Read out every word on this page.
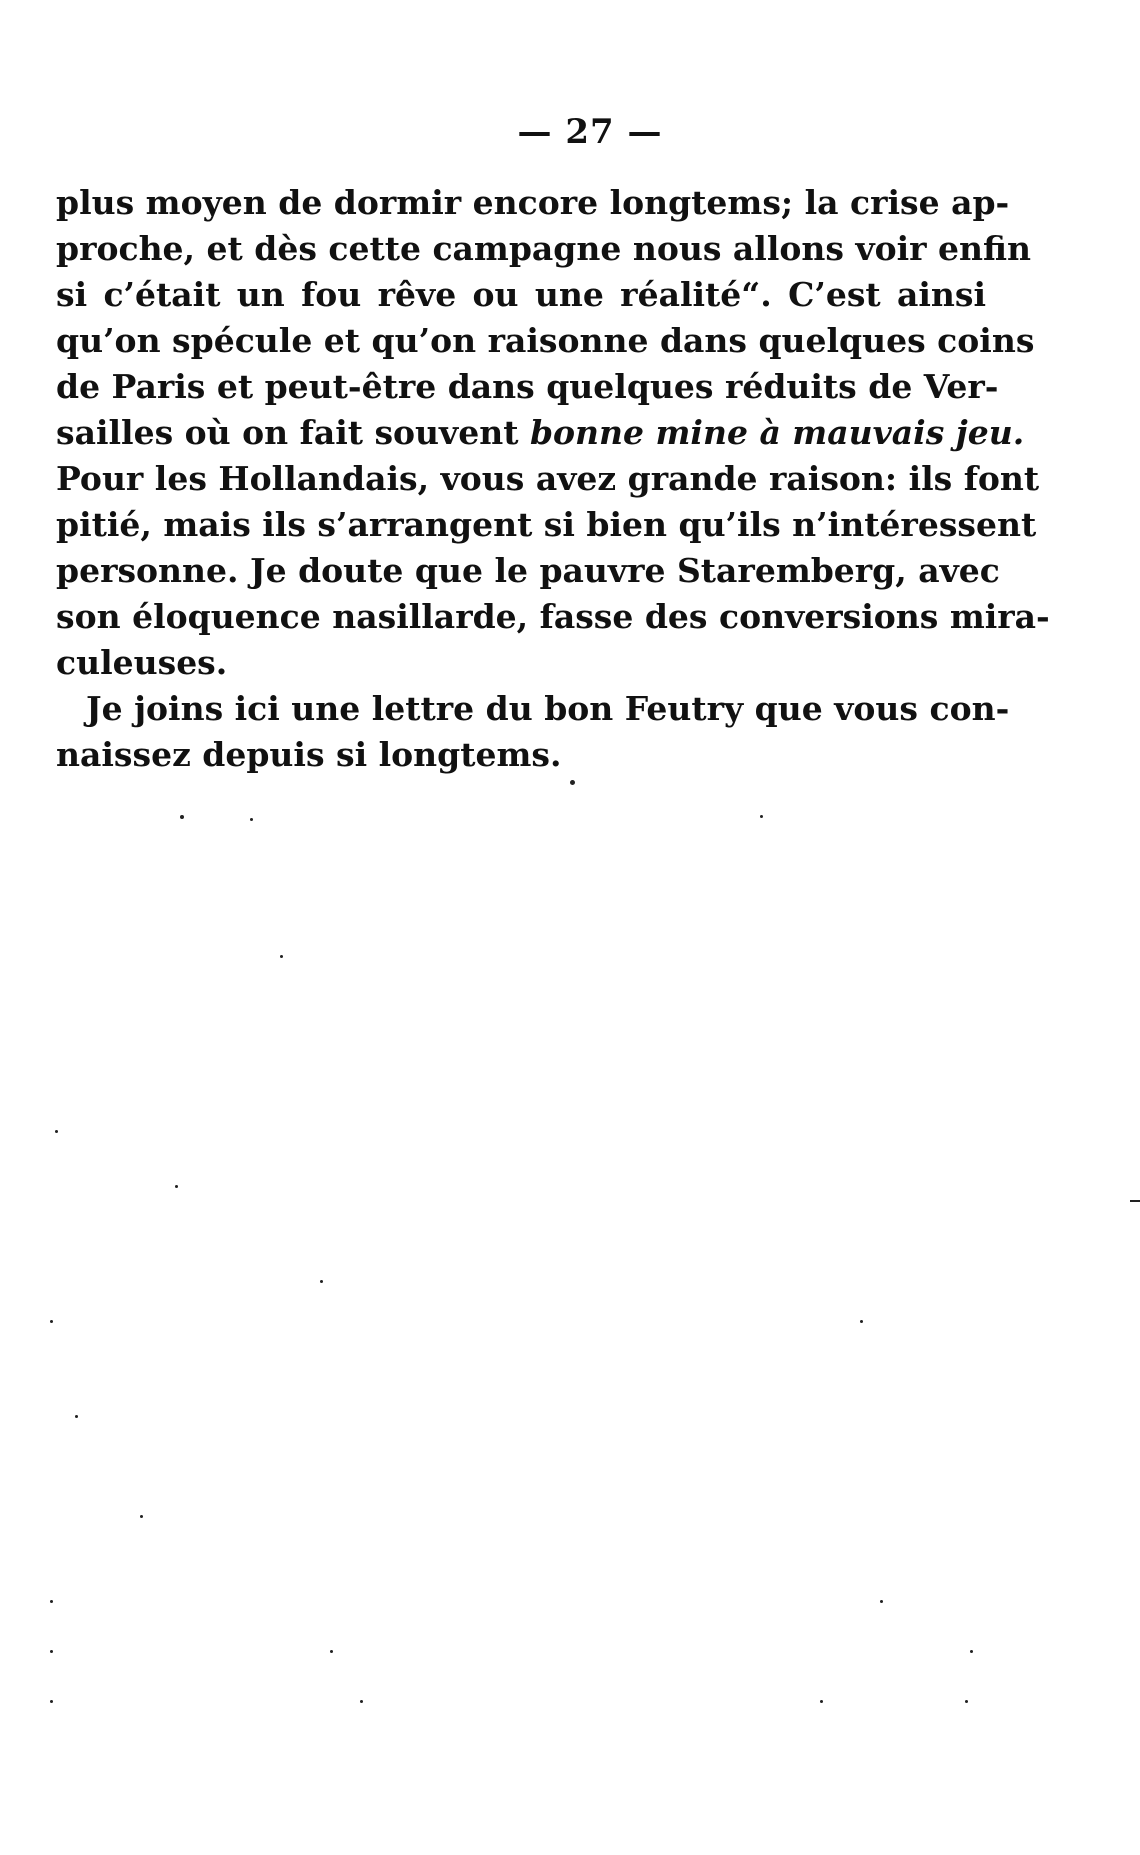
— 27 —
plus moyen de dormir encore longtems; la crise ap-
proche, et dès cette campagne nous allons voir enfin
si c’était un fou rêve ou une réalité“. C’est ainsi
qu’on spécule et qu’on raisonne dans quelques coins
de Paris et peut-être dans quelques réduits de Ver-
sailles où on fait souvent bonne mine à mauvais jeu.
Pour les Hollandais, vous avez grande raison: ils font
pitié, mais ils s’arrangent si bien qu’ils n’intéressent
personne. Je doute que le pauvre Staremberg, avec
son éloquence nasillarde, fasse des conversions mira-
culeuses.
Je joins ici une lettre du bon Feutry que vous con-
naissez depuis si longtems.
